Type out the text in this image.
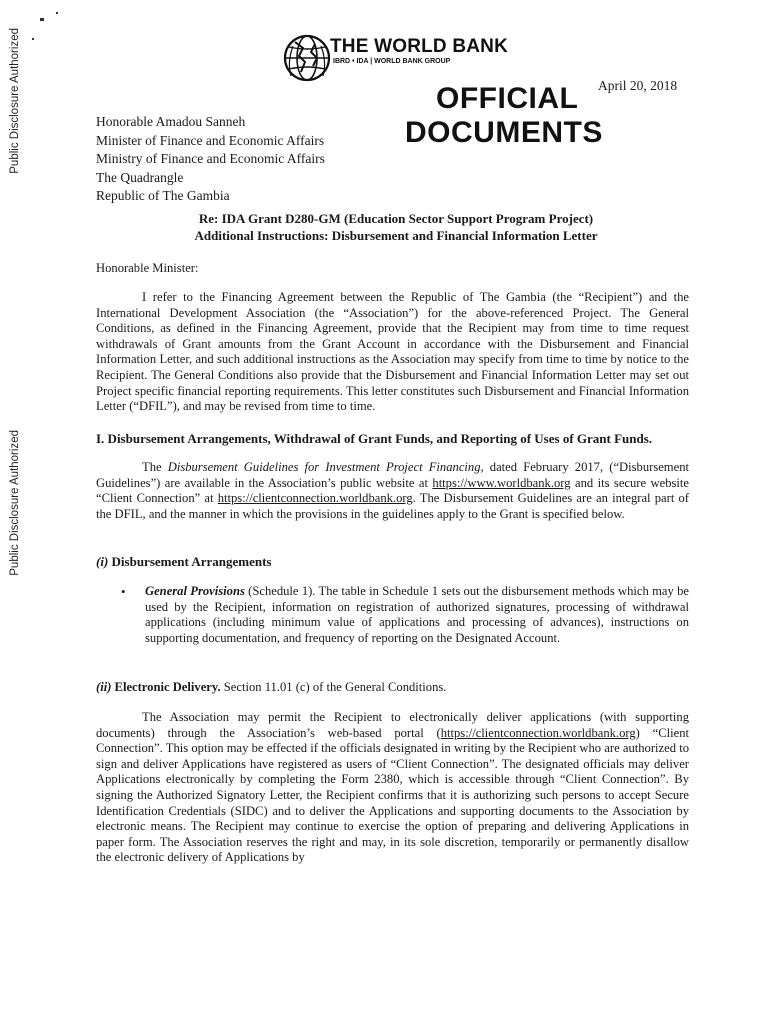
Public Disclosure Authorized
Public Disclosure Authorized
THE WORLD BANK
IBRD • IDA | WORLD BANK GROUP
OFFICIAL
DOCUMENTS
April 20, 2018
Honorable Amadou Sanneh
Minister of Finance and Economic Affairs
Ministry of Finance and Economic Affairs
The Quadrangle
Republic of The Gambia
Re: IDA Grant D280-GM (Education Sector Support Program Project)
Additional Instructions: Disbursement and Financial Information Letter
Honorable Minister:
I refer to the Financing Agreement between the Republic of The Gambia (the “Recipient”) and the International Development Association (the “Association”) for the above-referenced Project. The General Conditions, as defined in the Financing Agreement, provide that the Recipient may from time to time request withdrawals of Grant amounts from the Grant Account in accordance with the Disbursement and Financial Information Letter, and such additional instructions as the Association may specify from time to time by notice to the Recipient. The General Conditions also provide that the Disbursement and Financial Information Letter may set out Project specific financial reporting requirements. This letter constitutes such Disbursement and Financial Information Letter (“DFIL”), and may be revised from time to time.
I. Disbursement Arrangements, Withdrawal of Grant Funds, and Reporting of Uses of Grant Funds.
The Disbursement Guidelines for Investment Project Financing, dated February 2017, (“Disbursement Guidelines”) are available in the Association’s public website at https://www.worldbank.org and its secure website “Client Connection” at https://clientconnection.worldbank.org. The Disbursement Guidelines are an integral part of the DFIL, and the manner in which the provisions in the guidelines apply to the Grant is specified below.
(i) Disbursement Arrangements
• General Provisions (Schedule 1). The table in Schedule 1 sets out the disbursement methods which may be used by the Recipient, information on registration of authorized signatures, processing of withdrawal applications (including minimum value of applications and processing of advances), instructions on supporting documentation, and frequency of reporting on the Designated Account.
(ii) Electronic Delivery. Section 11.01 (c) of the General Conditions.
The Association may permit the Recipient to electronically deliver applications (with supporting documents) through the Association’s web-based portal (https://clientconnection.worldbank.org) “Client Connection”. This option may be effected if the officials designated in writing by the Recipient who are authorized to sign and deliver Applications have registered as users of “Client Connection”. The designated officials may deliver Applications electronically by completing the Form 2380, which is accessible through “Client Connection”. By signing the Authorized Signatory Letter, the Recipient confirms that it is authorizing such persons to accept Secure Identification Credentials (SIDC) and to deliver the Applications and supporting documents to the Association by electronic means. The Recipient may continue to exercise the option of preparing and delivering Applications in paper form. The Association reserves the right and may, in its sole discretion, temporarily or permanently disallow the electronic delivery of Applications by
